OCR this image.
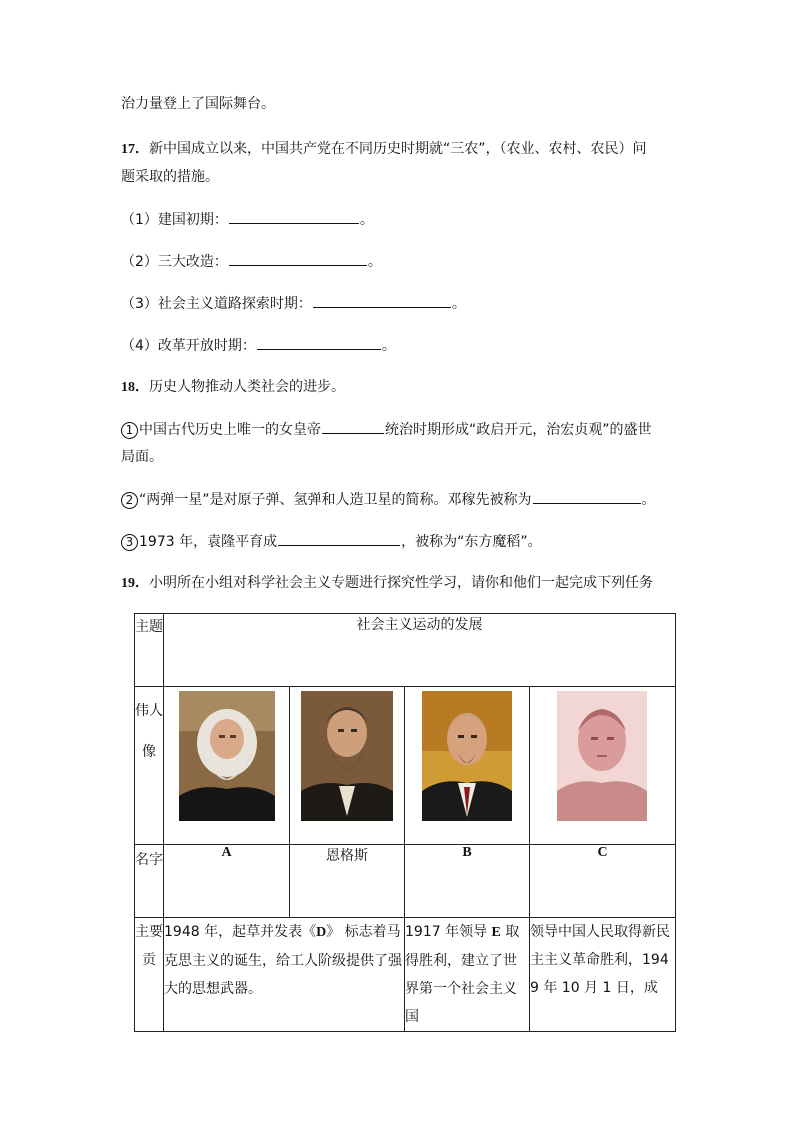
治力量登上了国际舞台。
17．新中国成立以来，中国共产党在不同历史时期就“三农”，（农业、农村、农民）问
题采取的措施。
（1）建国初期：	。
（2）三大改造：	。
（3）社会主义道路探索时期：	。
（4）改革开放时期：	。
18．历史人物推动人类社会的进步。
1 中国古代历史上唯一的女皇帝	统治时期形成“政启开元，治宏贞观”的盛世
局面。
2 “两弹一星”是对原子弹、氢弹和人造卫星的简称。邓稼先被称为	。
3 1973 年，袁隆平育成	，被称为“东方魔稻”。
19．小明所在小组对科学社会主义专题进行探究性学习，请你和他们一起完成下列任务
主题	社会主义运动的发展			
伟人像	

名字	A	恩格斯	B	C
主要贡	1948 年，起草并发表《D》 标志着马克思主义的诞生，给工人阶级提供了强大的思想武器。		1917 年领导 E 取得胜利，建立了世界第一个社会主义国	领导中国人民取得新民主主义革命胜利，1949 年 10 月 1 日，成
